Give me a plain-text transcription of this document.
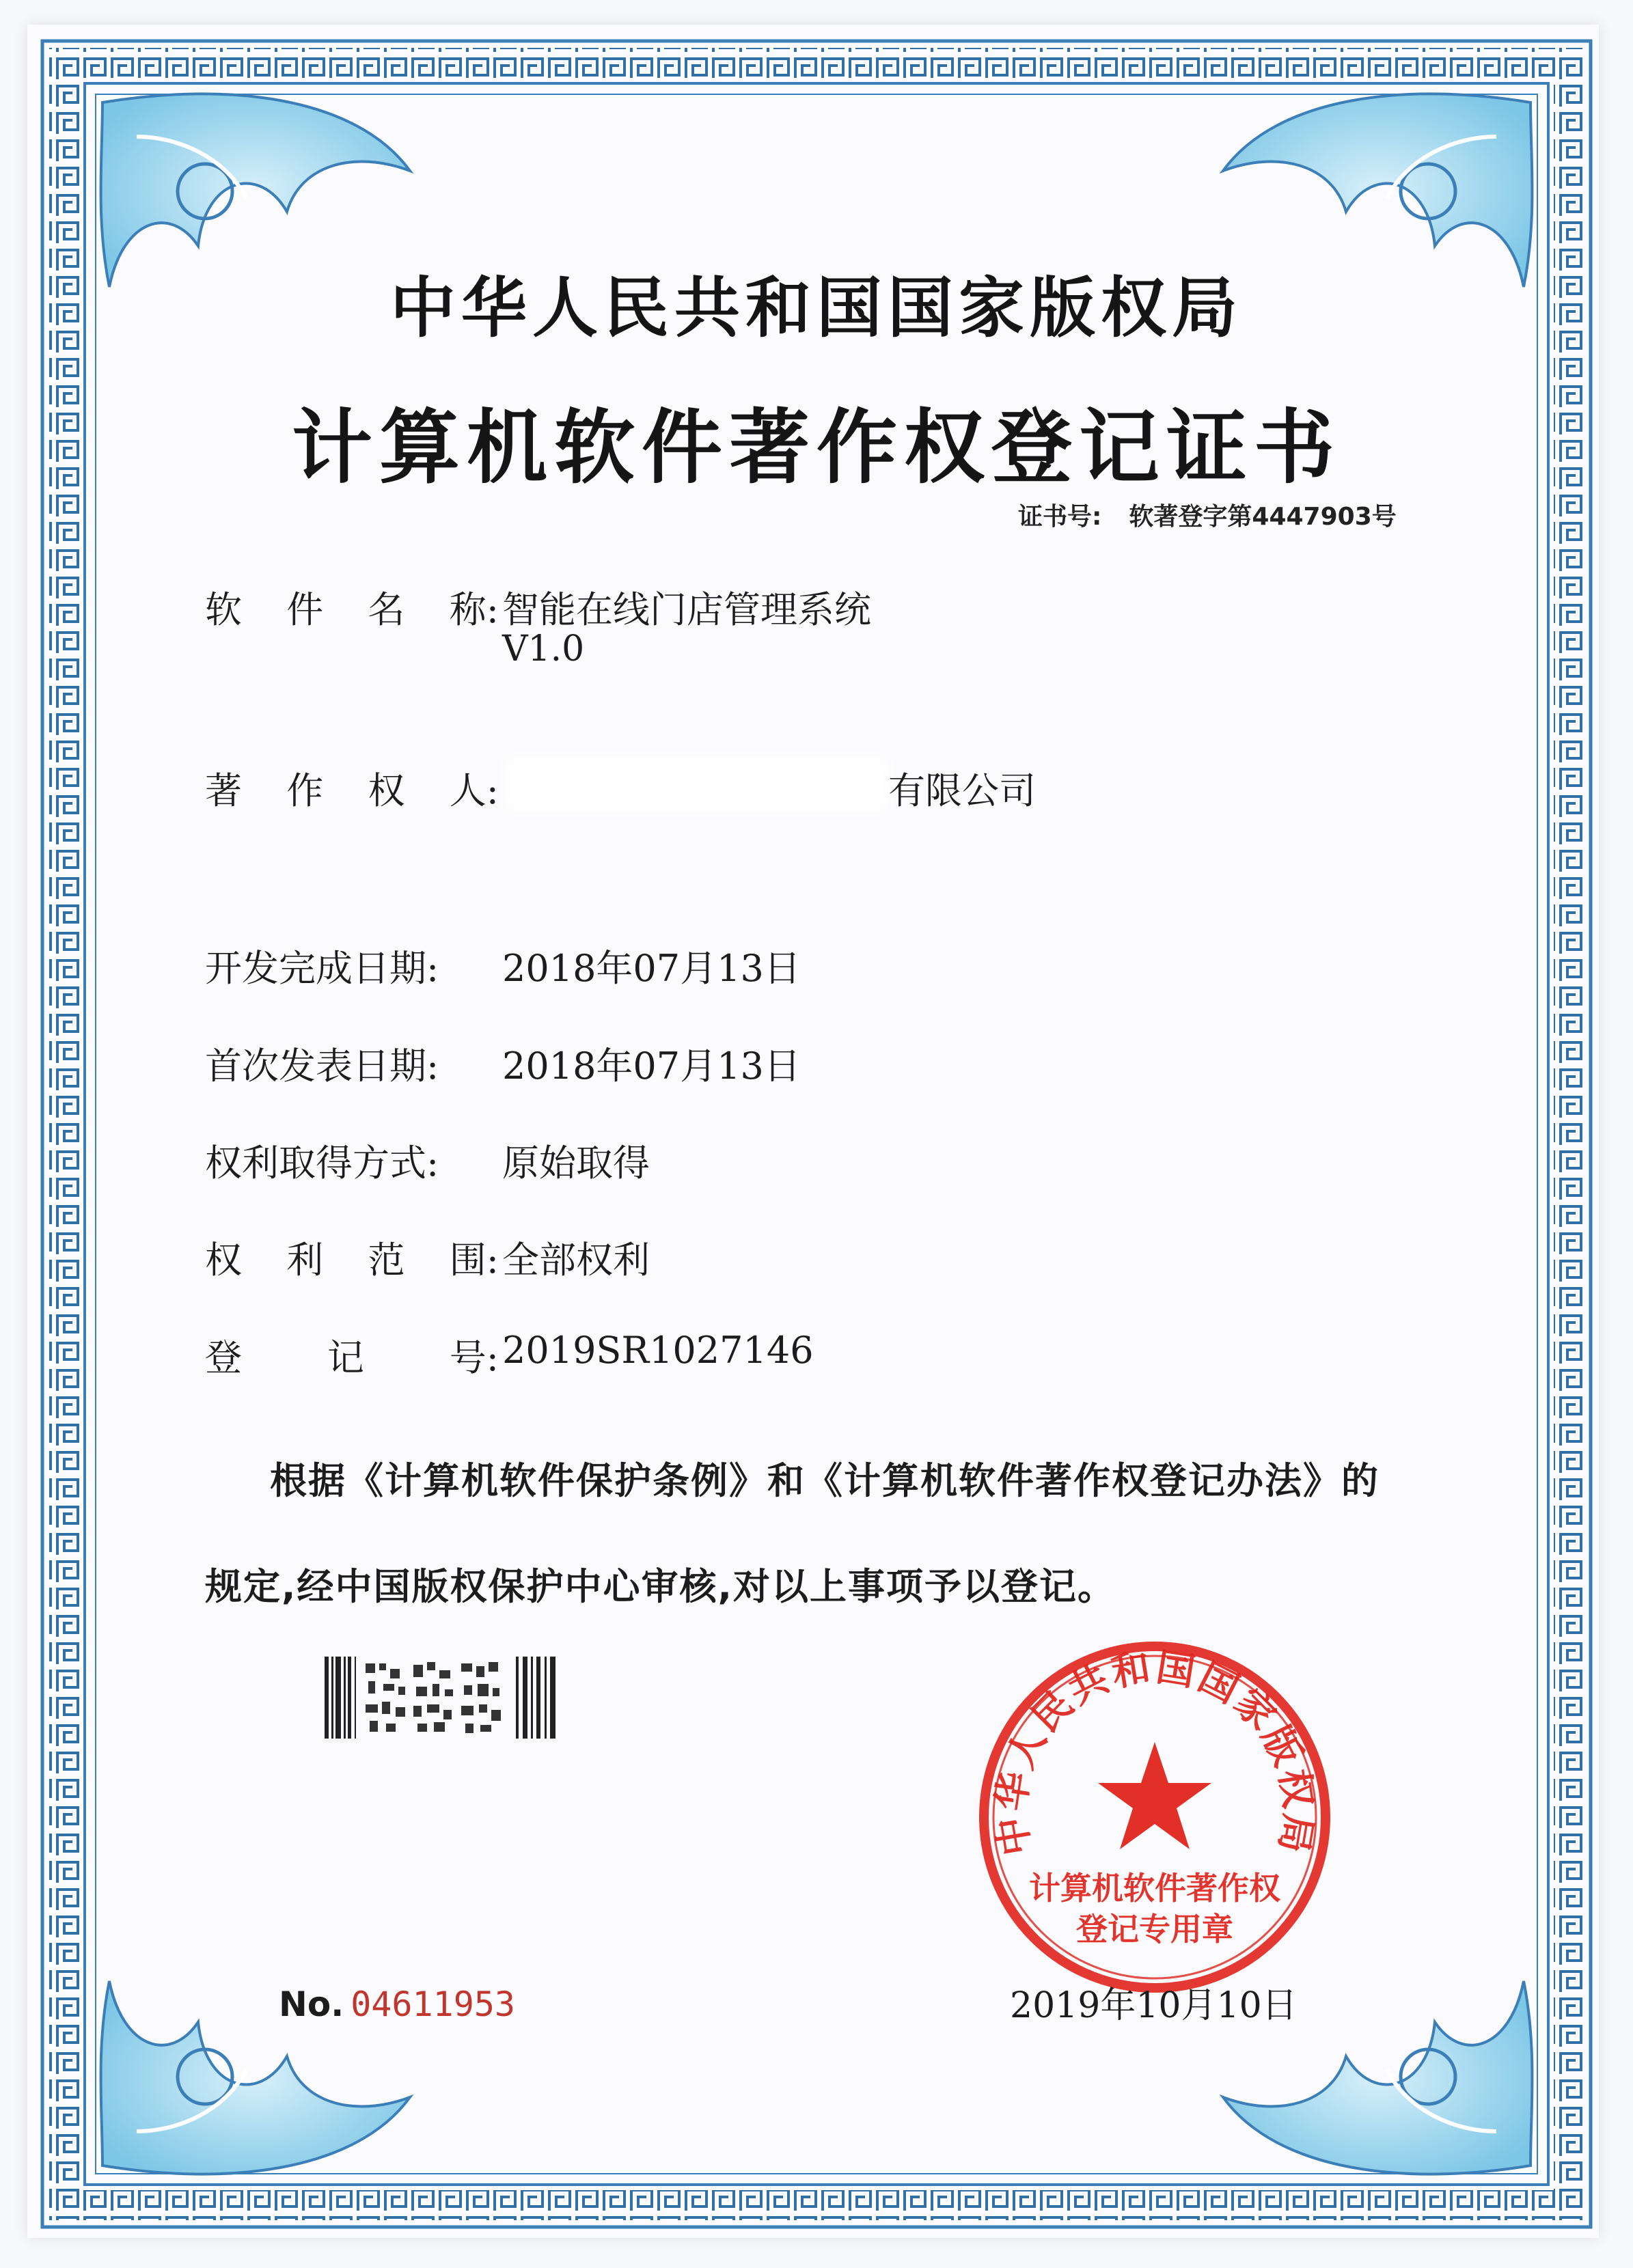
中华人民共和国国家版权局
计算机软件著作权登记证书
证书号: 软著登字第4447903号
软 件 名 称: 智能在线门店管理系统
V1.0
著 作 权 人:	有限公司
开发完成日期: 2018年07月13日
首次发表日期: 2018年07月13日
权利取得方式: 原始取得
权 利 范 围: 全部权利
登 记 号: 2019SR1027146
根据《计算机软件保护条例》和《计算机软件著作权登记办法》的
规定,经中国版权保护中心审核,对以上事项予以登记。
No. 04611953
中华人民共和国国家版权局
计算机软件著作权
登记专用章
2019年10月10日
